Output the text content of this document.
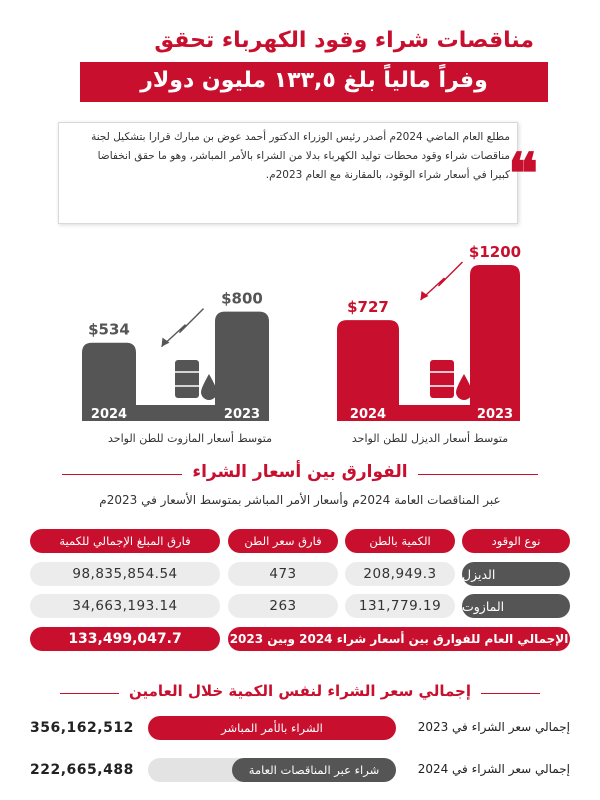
مناقصات شراء وقود الكهرباء تحقق
وفراً مالياً بلغ ١٣٣,٥ مليون دولار
مطلع العام الماضي 2024م أصدر رئيس الوزراء الدكتور أحمد عوض بن مبارك قرارا بتشكيل لجنة مناقصات شراء وقود محطات توليد الكهرباء بدلا من الشراء بالأمر المباشر، وهو ما حقق انخفاضا كبيرا في أسعار شراء الوقود، بالمقارنة مع العام 2023م.
❝
$534
2024
$800
2023
$727
2024
$1200
2023
متوسط أسعار المازوت للطن الواحد	متوسط أسعار الديزل للطن الواحد
الفوارق بين أسعار الشراء
عبر المناقصات العامة 2024م وأسعار الأمر المباشر بمتوسط الأسعار في 2023م
نوع الوقود
الكمية بالطن
فارق سعر الطن
فارق المبلغ الإجمالي للكمية
الديزل
208,949.3
473
98,835,854.54
المازوت
131,779.19
263
34,663,193.14
الإجمالي العام للفوارق بين أسعار شراء 2024 وبين 2023
133,499,047.7
إجمالي سعر الشراء لنفس الكمية خلال العامين
إجمالي سعر الشراء في 2023
الشراء بالأمر المباشر
356,162,512
إجمالي سعر الشراء في 2024
شراء عبر المناقصات العامة
222,665,488
